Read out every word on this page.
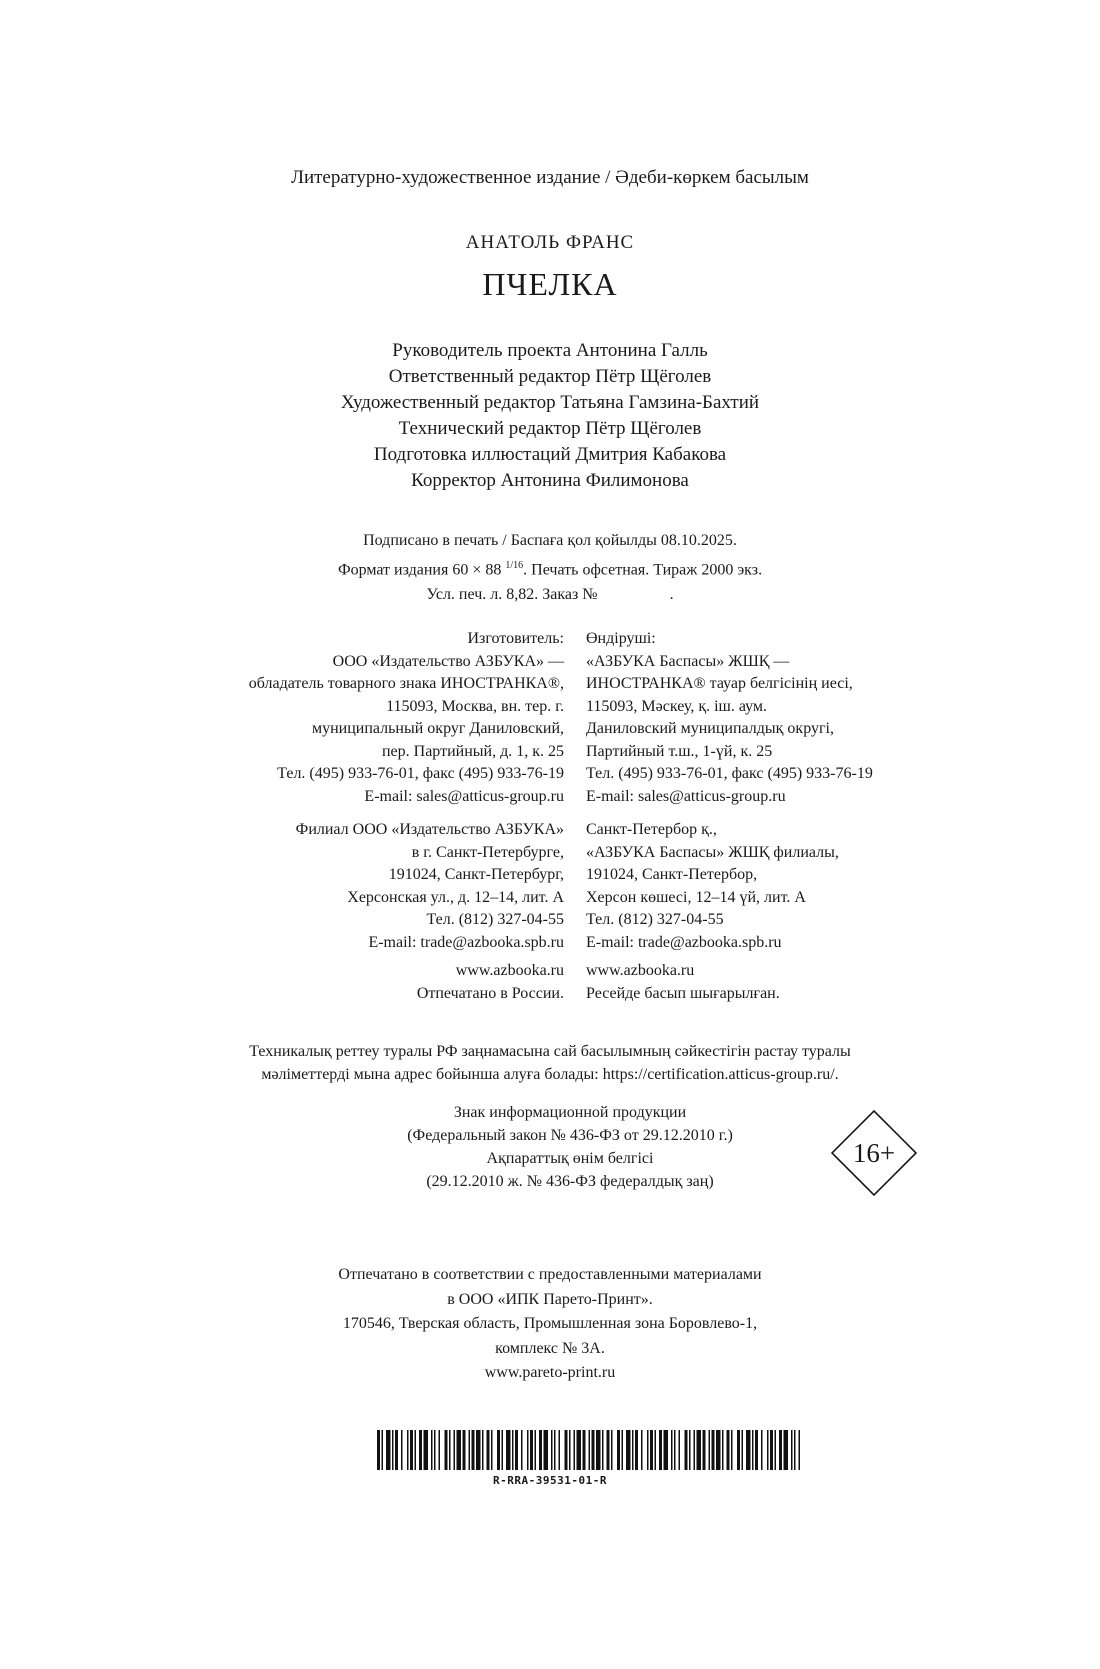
Литературно-художественное издание / Әдеби-көркем басылым
АНАТОЛЬ ФРАНС
ПЧЕЛКА
Руководитель проекта Антонина Галль
Ответственный редактор Пётр Щёголев
Художественный редактор Татьяна Гамзина-Бахтий
Технический редактор Пётр Щёголев
Подготовка иллюстаций Дмитрия Кабакова
Корректор Антонина Филимонова
Подписано в печать / Баспаға қол қойылды 08.10.2025.
Формат издания 60 × 88 $^{1/16}$. Печать офсетная. Тираж 2000 экз.
Усл. печ. л. 8,82. Заказ №	.
Изготовитель:
ООО «Издательство АЗБУКА» —
обладатель товарного знака ИНОСТРАНКА®,
115093, Москва, вн. тер. г.
муниципальный округ Даниловский,
пер. Партийный, д. 1, к. 25
Тел. (495) 933-76-01, факс (495) 933-76-19
E-mail: sales@atticus-group.ru
Өндіруші:
«АЗБУКА Баспасы» ЖШҚ —
ИНОСТРАНКА® тауар белгісінің иесі,
115093, Мәскеу, қ. іш. аум.
Даниловский муниципалдық округі,
Партийный т.ш., 1-үй, к. 25
Тел. (495) 933-76-01, факс (495) 933-76-19
E-mail: sales@atticus-group.ru
Филиал ООО «Издательство АЗБУКА»
в г. Санкт-Петербурге,
191024, Санкт-Петербург,
Херсонская ул., д. 12–14, лит. А
Тел. (812) 327-04-55
E-mail: trade@azbooka.spb.ru
Санкт-Петербор қ.,
«АЗБУКА Баспасы» ЖШҚ филиалы,
191024, Санкт-Петербор,
Херсон көшесі, 12–14 үй, лит. А
Тел. (812) 327-04-55
E-mail: trade@azbooka.spb.ru
www.azbooka.ru
Отпечатано в России.
www.azbooka.ru
Ресейде басып шығарылған.
Техникалық реттеу туралы РФ заңнамасына сай басылымның сәйкестігін растау туралы
мәліметтерді мына адрес бойынша алуға болады: https://certification.atticus-group.ru/.
Знак информационной продукции
(Федеральный закон № 436-ФЗ от 29.12.2010 г.)
Ақпараттық өнім белгісі
(29.12.2010 ж. № 436-ФЗ федералдық заң)
16+
Отпечатано в соответствии с предоставленными материалами
в ООО «ИПК Парето-Принт».
170546, Тверская область, Промышленная зона Боровлево-1,
комплекс № 3А.
www.pareto-print.ru
R-RRA-39531-01-R
